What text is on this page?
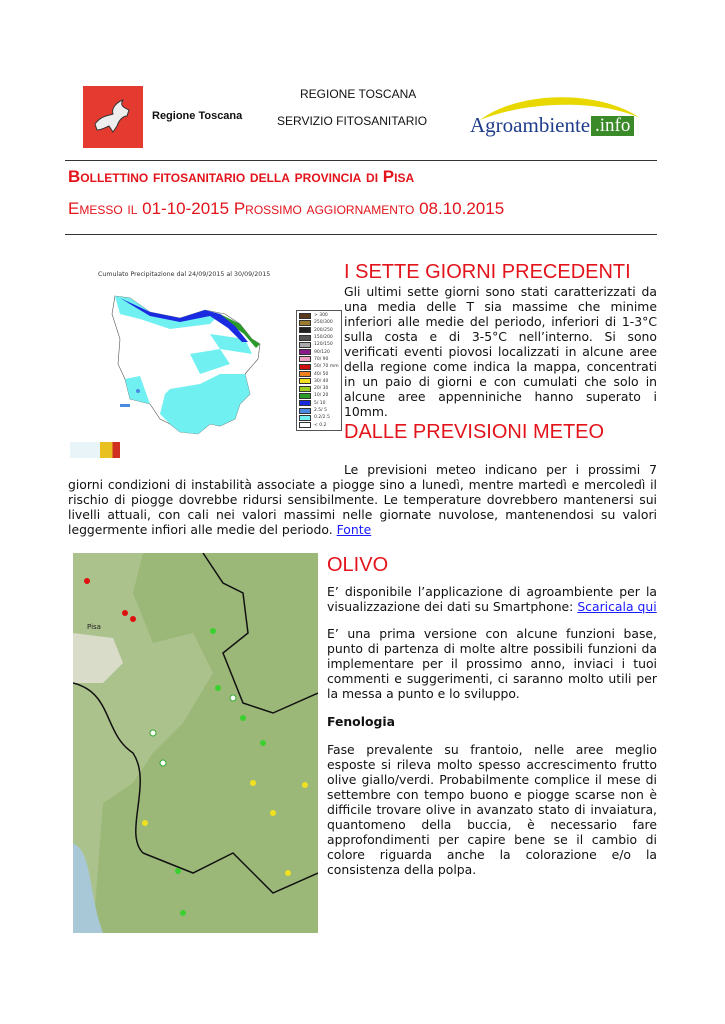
Regione Toscana
REGIONE TOSCANA
SERVIZIO FITOSANITARIO Agroambiente .info
Bollettino fitosanitario della provincia di Pisa
Emesso il 01-10-2015 Prossimo aggiornamento 08.10.2015
Cumulato Precipitazione dal 24/09/2015 al 30/09/2015
> 300
250/300
200/250
150/200
120/150
90/120
70/ 90
50/ 70 mm
40/ 50
30/ 40
20/ 30
10/ 20
5/ 10
2.5/ 5
0.2/2.5
< 0.2
I SETTE GIORNI PRECEDENTI
Gli ultimi sette giorni sono stati caratterizzati da una media delle T sia massime che minime inferiori alle medie del periodo, inferiori di 1-3°C sulla costa e di 3-5°C nell’interno. Si sono verificati eventi piovosi localizzati in alcune aree della regione come indica la mappa, concentrati in un paio di giorni e con cumulati che solo in alcune aree appenniniche hanno superato i 10mm.
DALLE PREVISIONI METEO
Le previsioni meteo indicano per i prossimi 7 giorni condizioni di instabilità associate a piogge sino a lunedì, mentre martedì e mercoledì il rischio di piogge dovrebbe ridursi sensibilmente. Le temperature dovrebbero mantenersi sui livelli attuali, con cali nei valori massimi nelle giornate nuvolose, mantenendosi su valori leggermente infiori alle medie del periodo. Fonte
Pisa
OLIVO

E’ disponibile l’applicazione di agroambiente per la visualizzazione dei dati su Smartphone: Scaricala qui

E’ una prima versione con alcune funzioni base, punto di partenza di molte altre possibili funzioni da implementare per il prossimo anno, inviaci i tuoi commenti e suggerimenti, ci saranno molto utili per la messa a punto e lo sviluppo.

Fenologia

Fase prevalente su frantoio, nelle aree meglio esposte si rileva molto spesso accrescimento frutto olive giallo/verdi. Probabilmente complice il mese di settembre con tempo buono e piogge scarse non è difficile trovare olive in avanzato stato di invaiatura, quantomeno della buccia, è necessario fare approfondimenti per capire bene se il cambio di colore riguarda anche la colorazione e/o la consistenza della polpa.
